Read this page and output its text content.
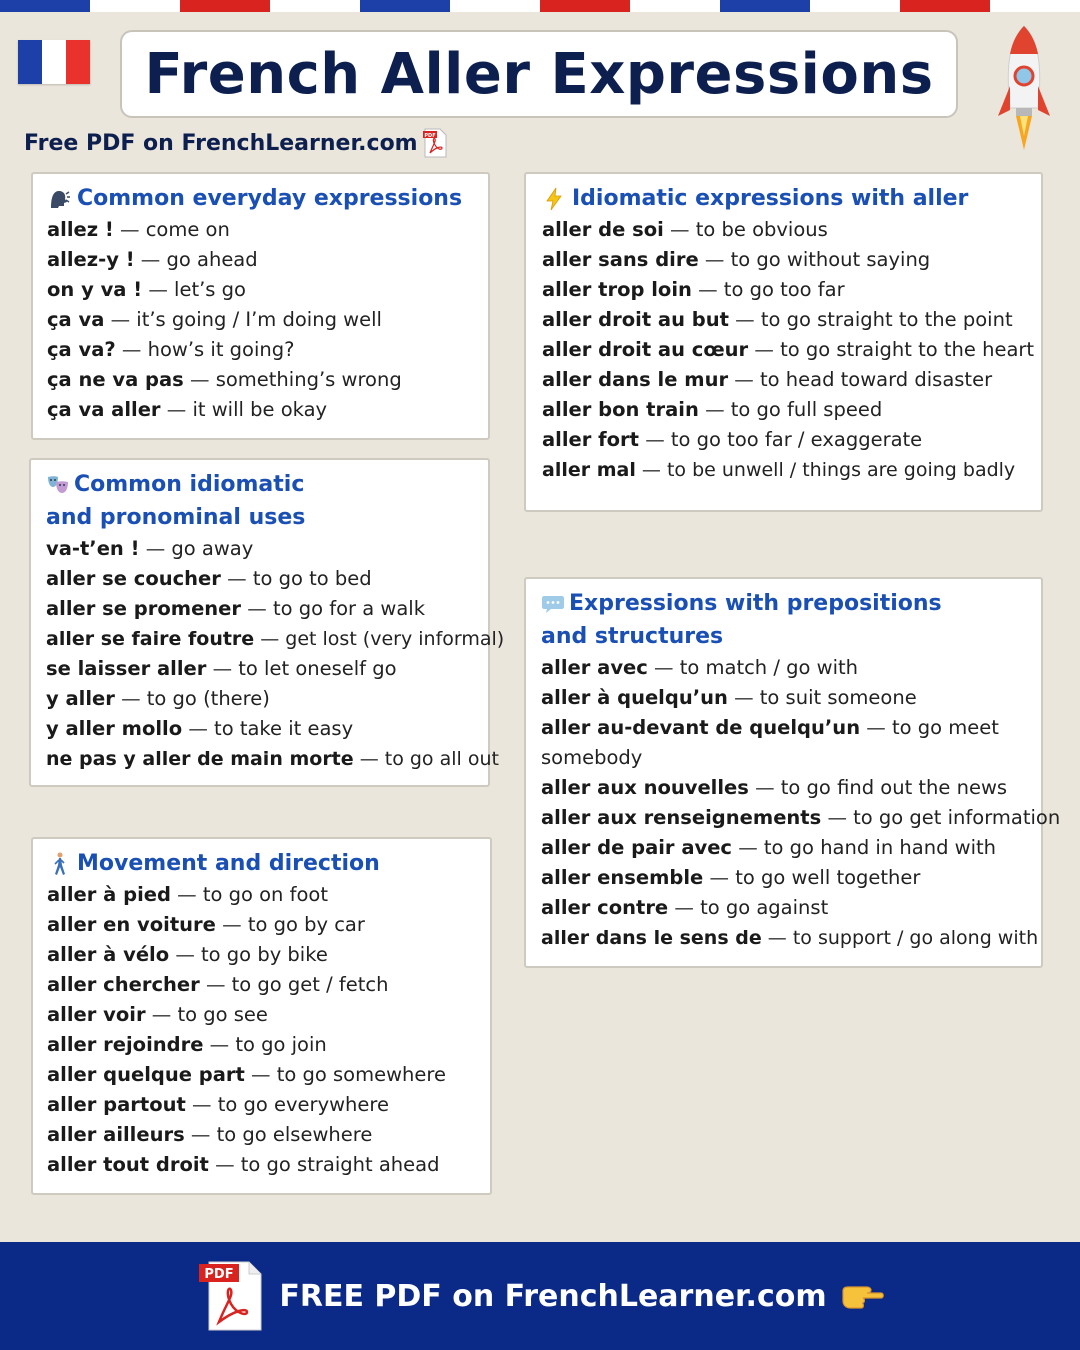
French Aller Expressions
Free PDF on FrenchLearner.com PDF
Common everyday expressions
allez ! — come on
allez-y ! — go ahead
on y va ! — let’s go
ça va — it’s going / I’m doing well
ça va? — how’s it going?
ça ne va pas — something’s wrong
ça va aller — it will be okay
Common idiomatic and pronominal uses
va-t’en ! — go away
aller se coucher — to go to bed
aller se promener — to go for a walk
aller se faire foutre — get lost (very informal)
se laisser aller — to let oneself go
y aller — to go (there)
y aller mollo — to take it easy
ne pas y aller de main morte — to go all out
Movement and direction
aller à pied — to go on foot
aller en voiture — to go by car
aller à vélo — to go by bike
aller chercher — to go get / fetch
aller voir — to go see
aller rejoindre — to go join
aller quelque part — to go somewhere
aller partout — to go everywhere
aller ailleurs — to go elsewhere
aller tout droit — to go straight ahead
Idiomatic expressions with aller
aller de soi — to be obvious
aller sans dire — to go without saying
aller trop loin — to go too far
aller droit au but — to go straight to the point
aller droit au cœur — to go straight to the heart
aller dans le mur — to head toward disaster
aller bon train — to go full speed
aller fort — to go too far / exaggerate
aller mal — to be unwell / things are going badly
Expressions with prepositions and structures
aller avec — to match / go with
aller à quelqu’un — to suit someone
aller au-devant de quelqu’un — to go meet somebody
aller aux nouvelles — to go find out the news
aller aux renseignements — to go get information
aller de pair avec — to go hand in hand with
aller ensemble — to go well together
aller contre — to go against
aller dans le sens de — to support / go along with
PDF
FREE PDF on FrenchLearner.com
